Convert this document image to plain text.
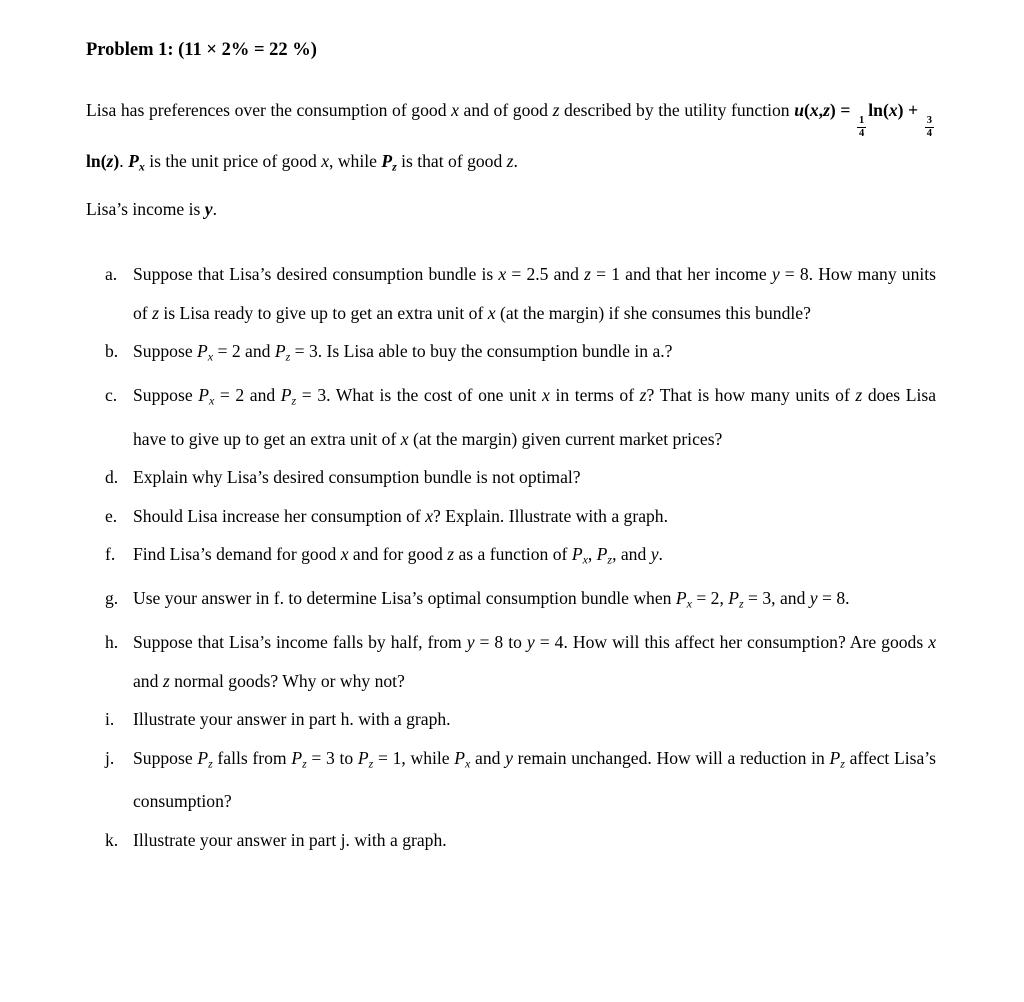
Problem 1: (11 × 2% = 22 %)

Lisa has preferences over the consumption of good x and of good z described by the utility function u(x,z) =
$\frac{1}{4}$
ln(x) +
$\frac{3}{4}$
ln(z). $P_x$ is the unit price of good x, while $P_z$ is that of good z.

Lisa’s income is y.

a. Suppose that Lisa’s desired consumption bundle is x = 2.5 and z = 1 and that her income y = 8. How many units of z is Lisa ready to give up to get an extra unit of x (at the margin) if she consumes this bundle?
b. Suppose $P_x = 2$ and $P_z = 3$. Is Lisa able to buy the consumption bundle in a.?
c. Suppose $P_x = 2$ and $P_z = 3$. What is the cost of one unit x in terms of z? That is how many units of z does Lisa have to give up to get an extra unit of x (at the margin) given current market prices?
d. Explain why Lisa’s desired consumption bundle is not optimal?
e. Should Lisa increase her consumption of x? Explain. Illustrate with a graph.
f. Find Lisa’s demand for good x and for good z as a function of $P_x$, $P_z$, and y.
g. Use your answer in f. to determine Lisa’s optimal consumption bundle when $P_x = 2$, $P_z = 3$, and y = 8.
h. Suppose that Lisa’s income falls by half, from y = 8 to y = 4. How will this affect her consumption? Are goods x and z normal goods? Why or why not?
i. Illustrate your answer in part h. with a graph.
j. Suppose $P_z$ falls from $P_z = 3$ to $P_z = 1$, while $P_x$ and y remain unchanged. How will a reduction in $P_z$ affect Lisa’s consumption?
k. Illustrate your answer in part j. with a graph.
